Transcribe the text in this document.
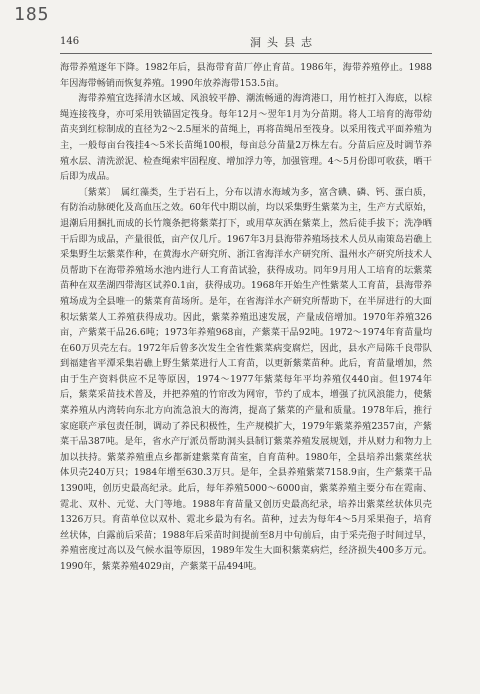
185
146	洞头县志

海带养殖逐年下降。1982年后，县海带育苗厂停止育苗。1986年，海带养殖停止。1988年因海带畅销而恢复养殖。1990年放养海带153.5亩。

海带养殖宜选择清水区域、风浪较平静、潮流畅通的海湾港口，用竹桩打入海底，以棕绳连接筏身，亦可采用铁锚固定筏身。每年12月～翌年1月为分苗期。将人工培育的海带幼苗夹到红棕制成的直径为2～2.5厘米的苗绳上，再将苗绳吊至筏身。以采用筏式平面养殖为主，一般每亩台筏挂4～5米长苗绳100根，每亩总分苗量2万株左右。分苗后应及时调节养殖水层、清洗淤泥、检查绳索牢固程度、增加浮力等，加强管理。4～5月份即可收获，晒干后即为成品。

〔紫菜〕　属红藻类，生于岩石上，分布以清水海域为多，富含碘、磷、钙、蛋白质，有防治动脉硬化及高血压之效。60年代中期以前，均以采集野生紫菜为主，生产方式原始，退潮后用捆扎而成的长竹篾条把将紫菜打下，或用草灰洒在紫菜上，然后徒手拔下；洗净晒干后即为成品，产量很低，亩产仅几斤。1967年3月县海带养殖场技术人员从南策岛岩礁上采集野生坛紫菜作种，在黄海水产研究所、浙江省海洋水产研究所、温州水产研究所技术人员帮助下在海带养殖场水池内进行人工育苗试验，获得成功。同年9月用人工培育的坛紫菜苗种在双垄湖四带海区试养0.1亩，获得成功。1968年开始生产性紫菜人工育苗，县海带养殖场成为全县唯一的紫菜育苗场所。是年，在省海洋水产研究所帮助下，在半屏进行的大面积坛紫菜人工养殖获得成功。因此，紫菜养殖迅速发展，产量成倍增加。1970年养殖326亩，产紫菜干品26.6吨；1973年养殖968亩，产紫菜干品92吨。1972～1974年育苗量均在60万贝壳左右。1972年后曾多次发生全省性紫菜病变腐烂，因此，县水产局陈千良带队到福建省平潭采集岩礁上野生紫菜进行人工育苗，以更新紫菜苗种。此后，育苗量增加，然由于生产资料供应不足等原因，1974～1977年紫菜每年平均养殖仅440亩。但1974年后，紫菜采苗技术普及，并把养殖的竹帘改为网帘，节约了成本，增强了抗风浪能力，使紫菜养殖从内湾转向东北方向流急浪大的海湾，提高了紫菜的产量和质量。1978年后，推行家庭联产承包责任制，调动了养民积极性，生产规模扩大，1979年紫菜养殖2357亩，产紫菜干品387吨。是年，省水产厅派员帮助洞头县制订紫菜养殖发展规划，并从财力和物力上加以扶持。紫菜养殖重点乡都新建紫菜育苗室，自育苗种。1980年，全县培养出紫菜丝状体贝壳240万只；1984年增至630.3万只。是年，全县养殖紫菜7158.9亩，生产紫菜干品1390吨，创历史最高纪录。此后，每年养殖5000～6000亩，紫菜养殖主要分布在霓南、霓北、双朴、元觉、大门等地。1988年育苗量又创历史最高纪录，培养出紫菜丝状体贝壳1326万只。育苗单位以双朴、霓北乡最为有名。苗种，过去为每年4～5月采果孢子，培育丝状体，白露前后采苗；1988年后采苗时间提前至8月中旬前后，由于采壳孢子时间过早，养殖密度过高以及气候水温等原因，1989年发生大面积紫菜病烂，经济损失400多万元。1990年，紫菜养殖4029亩，产紫菜干品494吨。
